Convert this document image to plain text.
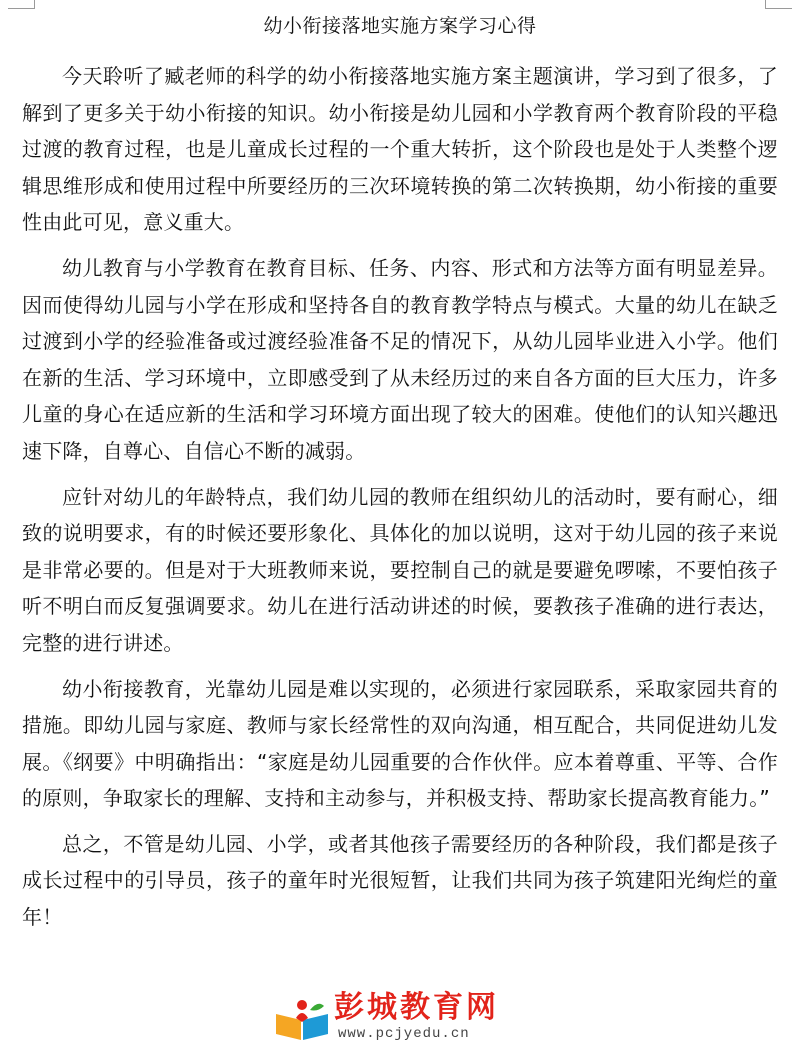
幼小衔接落地实施方案学习心得

今天聆听了臧老师的科学的幼小衔接落地实施方案主题演讲，学习到了很多，了解到了更多关于幼小衔接的知识。幼小衔接是幼儿园和小学教育两个教育阶段的平稳过渡的教育过程，也是儿童成长过程的一个重大转折，这个阶段也是处于人类整个逻辑思维形成和使用过程中所要经历的三次环境转换的第二次转换期，幼小衔接的重要性由此可见，意义重大。

幼儿教育与小学教育在教育目标、任务、内容、形式和方法等方面有明显差异。因而使得幼儿园与小学在形成和坚持各自的教育教学特点与模式。大量的幼儿在缺乏过渡到小学的经验准备或过渡经验准备不足的情况下，从幼儿园毕业进入小学。他们在新的生活、学习环境中，立即感受到了从未经历过的来自各方面的巨大压力，许多儿童的身心在适应新的生活和学习环境方面出现了较大的困难。使他们的认知兴趣迅速下降，自尊心、自信心不断的减弱。

应针对幼儿的年龄特点，我们幼儿园的教师在组织幼儿的活动时，要有耐心，细致的说明要求，有的时候还要形象化、具体化的加以说明，这对于幼儿园的孩子来说是非常必要的。但是对于大班教师来说，要控制自己的就是要避免啰嗦，不要怕孩子听不明白而反复强调要求。幼儿在进行活动讲述的时候，要教孩子准确的进行表达，完整的进行讲述。

幼小衔接教育，光靠幼儿园是难以实现的，必须进行家园联系，采取家园共育的措施。即幼儿园与家庭、教师与家长经常性的双向沟通，相互配合，共同促进幼儿发展。《纲要》中明确指出：“家庭是幼儿园重要的合作伙伴。应本着尊重、平等、合作的原则，争取家长的理解、支持和主动参与，并积极支持、帮助家长提高教育能力。”

总之，不管是幼儿园、小学，或者其他孩子需要经历的各种阶段，我们都是孩子成长过程中的引导员，孩子的童年时光很短暂，让我们共同为孩子筑建阳光绚烂的童年！

彭城教育网
www.pcjyedu.cn
